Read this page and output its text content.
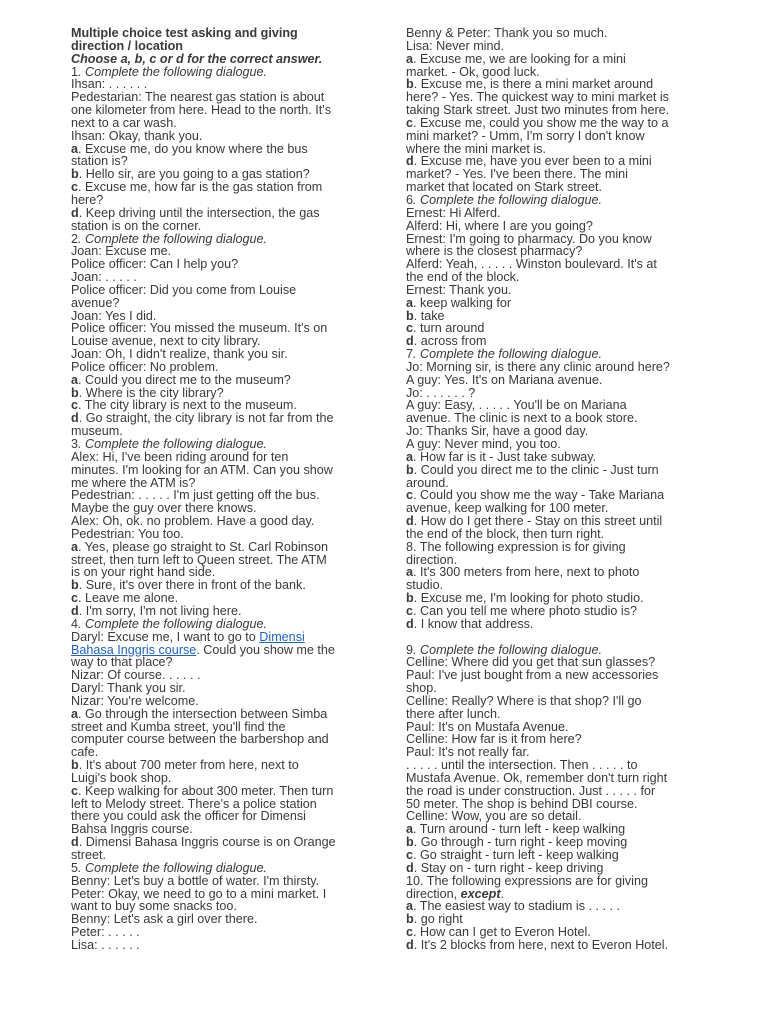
Multiple choice test asking and giving
direction / location
Choose a, b, c or d for the correct answer.
1. Complete the following dialogue.
Ihsan: . . . . . .
Pedestarian: The nearest gas station is about
one kilometer from here. Head to the north. It's
next to a car wash.
Ihsan: Okay, thank you.
a. Excuse me, do you know where the bus
station is?
b. Hello sir, are you going to a gas station?
c. Excuse me, how far is the gas station from
here?
d. Keep driving until the intersection, the gas
station is on the corner.
2. Complete the following dialogue.
Joan: Excuse me.
Police officer: Can I help you?
Joan: . . . . .
Police officer: Did you come from Louise
avenue?
Joan: Yes I did.
Police officer: You missed the museum. It's on
Louise avenue, next to city library.
Joan: Oh, I didn't realize, thank you sir.
Police officer: No problem.
a. Could you direct me to the museum?
b. Where is the city library?
c. The city library is next to the museum.
d. Go straight, the city library is not far from the
museum.
3. Complete the following dialogue.
Alex: Hi, I've been riding around for ten
minutes. I'm looking for an ATM. Can you show
me where the ATM is?
Pedestrian: . . . . . I'm just getting off the bus.
Maybe the guy over there knows.
Alex: Oh, ok. no problem. Have a good day.
Pedestrian: You too.
a. Yes, please go straight to St. Carl Robinson
street, then turn left to Queen street. The ATM
is on your right hand side.
b. Sure, it's over there in front of the bank.
c. Leave me alone.
d. I'm sorry, I'm not living here.
4. Complete the following dialogue.
Daryl: Excuse me, I want to go to Dimensi
Bahasa Inggris course. Could you show me the
way to that place?
Nizar: Of course. . . . . .
Daryl: Thank you sir.
Nizar: You're welcome.
a. Go through the intersection between Simba
street and Kumba street, you'll find the
computer course between the barbershop and
cafe.
b. It's about 700 meter from here, next to
Luigi's book shop.
c. Keep walking for about 300 meter. Then turn
left to Melody street. There's a police station
there you could ask the officer for Dimensi
Bahsa Inggris course.
d. Dimensi Bahasa Inggris course is on Orange
street.
5. Complete the following dialogue.
Benny: Let's buy a bottle of water. I'm thirsty.
Peter: Okay, we need to go to a mini market. I
want to buy some snacks too.
Benny: Let's ask a girl over there.
Peter: . . . . .
Lisa: . . . . . .
Benny & Peter: Thank you so much.
Lisa: Never mind.
a. Excuse me, we are looking for a mini
market. - Ok, good luck.
b. Excuse me, is there a mini market around
here? - Yes. The quickest way to mini market is
taking Stark street. Just two minutes from here.
c. Excuse me, could you show me the way to a
mini market? - Umm, I'm sorry I don't know
where the mini market is.
d. Excuse me, have you ever been to a mini
market? - Yes. I've been there. The mini
market that located on Stark street.
6. Complete the following dialogue.
Ernest: Hi Alferd.
Alferd: Hi, where I are you going?
Ernest: I'm going to pharmacy. Do you know
where is the closest pharmacy?
Alferd: Yeah, . . . . . Winston boulevard. It's at
the end of the block.
Ernest: Thank you.
a. keep walking for
b. take
c. turn around
d. across from
7. Complete the following dialogue.
Jo: Morning sir, is there any clinic around here?
A guy: Yes. It's on Mariana avenue.
Jo: . . . . . . ?
A guy: Easy, . . . . . You'll be on Mariana
avenue. The clinic is next to a book store.
Jo: Thanks Sir, have a good day.
A guy: Never mind, you too.
a. How far is it - Just take subway.
b. Could you direct me to the clinic - Just turn
around.
c. Could you show me the way - Take Mariana
avenue, keep walking for 100 meter.
d. How do I get there - Stay on this street until
the end of the block, then turn right.
8. The following expression is for giving
direction.
a. It's 300 meters from here, next to photo
studio.
b. Excuse me, I'm looking for photo studio.
c. Can you tell me where photo studio is?
d. I know that address.
9. Complete the following dialogue.
Celline: Where did you get that sun glasses?
Paul: I've just bought from a new accessories
shop.
Celline: Really? Where is that shop? I'll go
there after lunch.
Paul: It's on Mustafa Avenue.
Celline: How far is it from here?
Paul: It's not really far.
. . . . . until the intersection. Then . . . . . to
Mustafa Avenue. Ok, remember don't turn right
the road is under construction. Just . . . . . for
50 meter. The shop is behind DBI course.
Celline: Wow, you are so detail.
a. Turn around - turn left - keep walking
b. Go through - turn right - keep moving
c. Go straight - turn left - keep walking
d. Stay on - turn right - keep driving
10. The following expressions are for giving
direction, except.
a. The easiest way to stadium is . . . . .
b. go right
c. How can I get to Everon Hotel.
d. It's 2 blocks from here, next to Everon Hotel.
